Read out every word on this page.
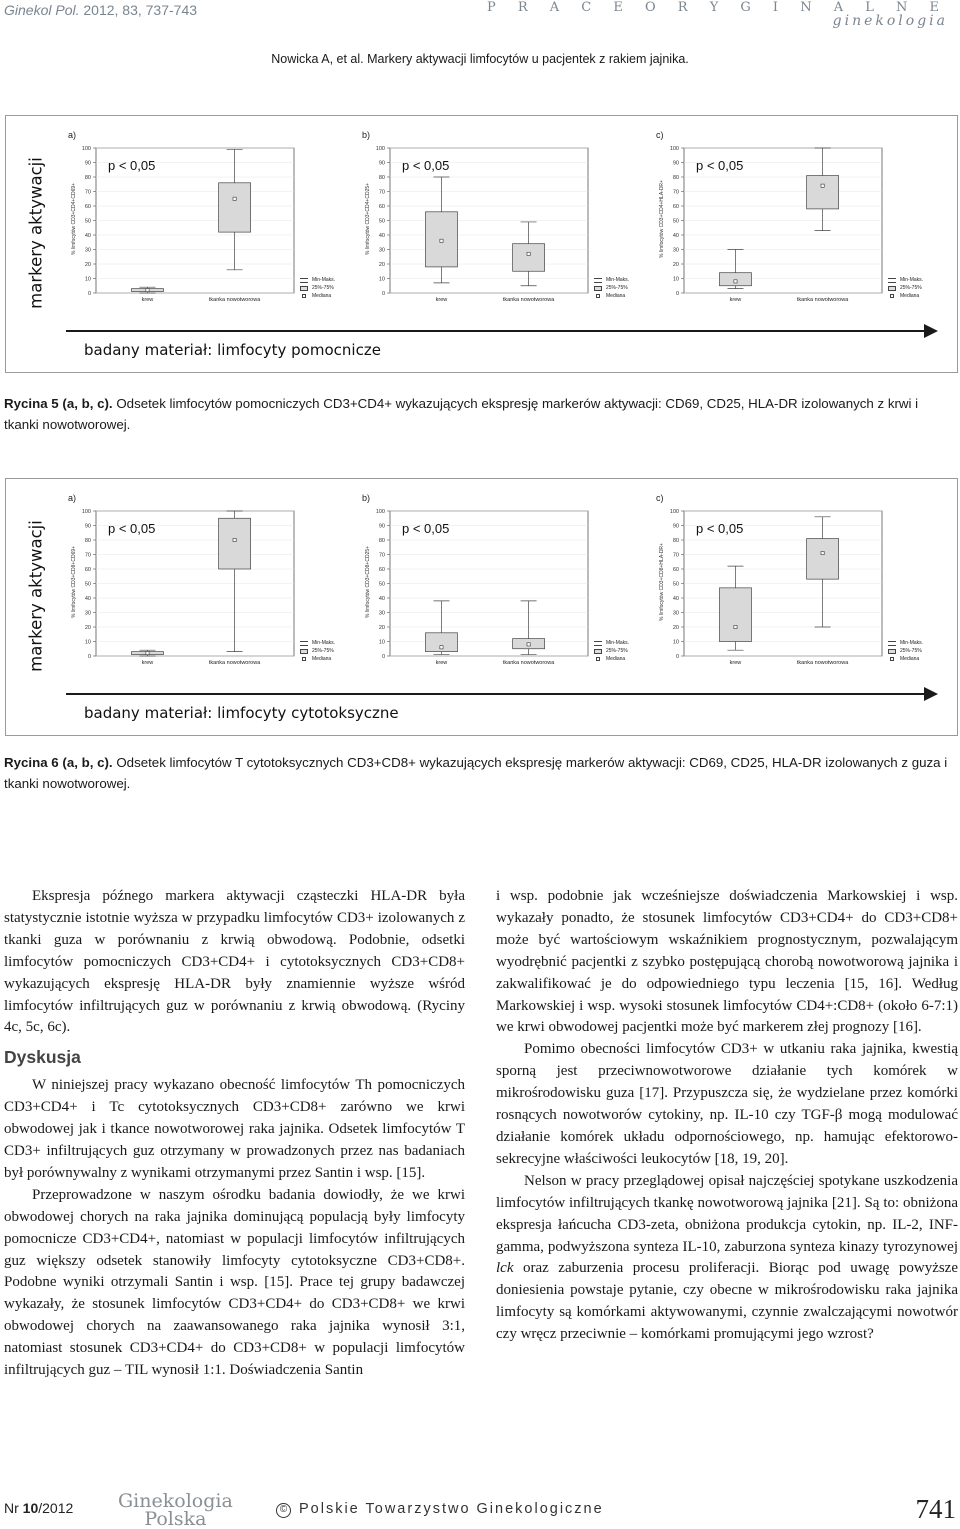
Ginekol Pol. 2012, 83, 737-743	P R A C E O R Y G I N A L N E
ginekologia
Nowicka A, et al. Markery aktywacji limfocytów u pacjentek z rakiem jajnika.
markery aktywacji
a)
% limfocytów CD3+CD4+CD69+
100
90
80
70
60
50
40
30
20
10
0
krew	tkanka nowotworowa
p < 0,05
Min-Maks.
25%-75%
Mediana
b)
% limfocytów CD3+CD4+CD25+
100
90
80
70
60
50
40
30
20
10
0
krew	tkanka nowotworowa
p < 0,05
Min-Maks.
25%-75%
Mediana
c)
% limfocytów CD3+CD4+HLA-DR+
100
90
80
70
60
50
40
30
20
10
0
krew	tkanka nowotworowa
p < 0,05
Min-Maks.
25%-75%
Mediana
badany materiał: limfocyty pomocnicze
Rycina 5 (a, b, c). Odsetek limfocytów pomocniczych CD3+CD4+ wykazujących ekspresję markerów aktywacji: CD69, CD25, HLA-DR izolowanych z krwi i tkanki nowotworowej.
markery aktywacji
a)
% limfocytów CD3+CD8+CD69+
100
90
80
70
60
50
40
30
20
10
0
krew	tkanka nowotworowa
p < 0,05
Min-Maks.
25%-75%
Mediana
b)
% limfocytów CD3+CD8+CD25+
100
90
80
70
60
50
40
30
20
10
0
krew	tkanka nowotworowa
p < 0,05
Min-Maks.
25%-75%
Mediana
c)
% limfocytów CD3+CD8+HLA-DR+
100
90
80
70
60
50
40
30
20
10
0
krew	tkanka nowotworowa
p < 0,05
Min-Maks.
25%-75%
Mediana
badany materiał: limfocyty cytotoksyczne
Rycina 6 (a, b, c). Odsetek limfocytów T cytotoksycznych CD3+CD8+ wykazujących ekspresję markerów aktywacji: CD69, CD25, HLA-DR izolowanych z guza i tkanki nowotworowej.

Ekspresja późnego markera aktywacji cząsteczki HLA-DR była statystycznie istotnie wyższa w przypadku limfocytów CD3+ izolowanych z tkanki guza w porównaniu z krwią obwodową. Podobnie, odsetki limfocytów pomocniczych CD3+CD4+ i cytotoksycznych CD3+CD8+ wykazujących ekspresję HLA-DR były znamiennie wyższe wśród limfocytów infiltrujących guz w porównaniu z krwią obwodową. (Ryciny 4c, 5c, 6c).

Dyskusja

W niniejszej pracy wykazano obecność limfocytów Th pomocniczych CD3+CD4+ i Tc cytotoksycznych CD3+CD8+ zarówno we krwi obwodowej jak i tkance nowotworowej raka jajnika. Odsetek limfocytów T CD3+ infiltrujących guz otrzymany w prowadzonych przez nas badaniach był porównywalny z wynikami otrzymanymi przez Santin i wsp. [15].

Przeprowadzone w naszym ośrodku badania dowiodły, że we krwi obwodowej chorych na raka jajnika dominującą populacją były limfocyty pomocnicze CD3+CD4+, natomiast w populacji limfocytów infiltrujących guz większy odsetek stanowiły limfocyty cytotoksyczne CD3+CD8+. Podobne wyniki otrzymali Santin i wsp. [15]. Prace tej grupy badawczej wykazały, że stosunek limfocytów CD3+CD4+ do CD3+CD8+ we krwi obwodowej chorych na zaawansowanego raka jajnika wynosił 3:1, natomiast stosunek CD3+CD4+ do CD3+CD8+ w populacji limfocytów infiltrujących guz – TIL wynosił 1:1. Doświadczenia Santin

i wsp. podobnie jak wcześniejsze doświadczenia Markowskiej i wsp. wykazały ponadto, że stosunek limfocytów CD3+CD4+ do CD3+CD8+ może być wartościowym wskaźnikiem prognostycznym, pozwalającym wyodrębnić pacjentki z szybko postępującą chorobą nowotworową jajnika i zakwalifikować je do odpowiedniego typu leczenia [15, 16]. Według Markowskiej i wsp. wysoki stosunek limfocytów CD4+:CD8+ (około 6-7:1) we krwi obwodowej pacjentki może być markerem złej prognozy [16].

Pomimo obecności limfocytów CD3+ w utkaniu raka jajnika, kwestią sporną jest przeciwnowotworowe działanie tych komórek w mikrośrodowisku guza [17]. Przypuszcza się, że wydzielane przez komórki rosnących nowotworów cytokiny, np. IL-10 czy TGF-β mogą modulować działanie komórek układu odpornościowego, np. hamując efektorowo-sekrecyjne właściwości leukocytów [18, 19, 20].

Nelson w pracy przeglądowej opisał najczęściej spotykane uszkodzenia limfocytów infiltrujących tkankę nowotworową jajnika [21]. Są to: obniżona ekspresja łańcucha CD3-zeta, obniżona produkcja cytokin, np. IL-2, INF-gamma, podwyższona synteza IL-10, zaburzona synteza kinazy tyrozynowej lck oraz zaburzenia procesu proliferacji. Biorąc pod uwagę powyższe doniesienia powstaje pytanie, czy obecne w mikrośrodowisku raka jajnika limfocyty są komórkami aktywowanymi, czynnie zwalczającymi nowotwór czy wręcz przeciwnie – komórkami promującymi jego wzrost?

Nr 10/2012 Ginekologia
Polska	© Polskie Towarzystwo Ginekologiczne	741
